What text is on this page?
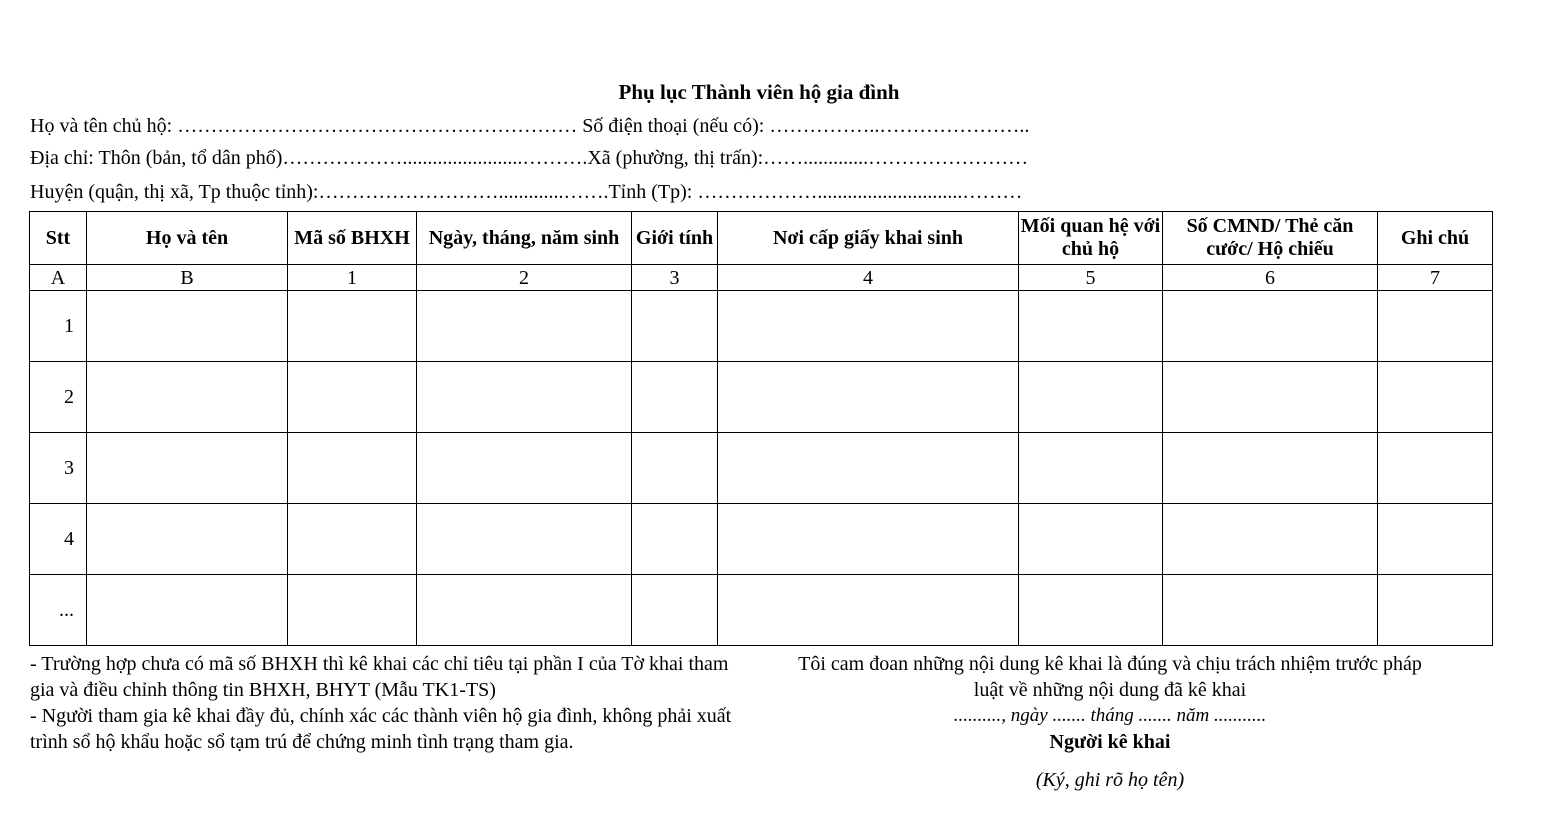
Phụ lục Thành viên hộ gia đình
Họ và tên chủ hộ: …………………………………………………… Số điện thoại (nếu có): ……………..…………………..
Địa chỉ: Thôn (bản, tổ dân phố)………………........................……….Xã (phường, thị trấn):…….............……………………
Huyện (quận, thị xã, Tp thuộc tỉnh):……………………….............…….Tỉnh (Tp): ……………….............................………
Stt	Họ và tên	Mã số BHXH	Ngày, tháng, năm sinh	Giới tính	Nơi cấp giấy khai sinh	Mối quan hệ với chủ hộ	Số CMND/ Thẻ căn cước/ Hộ chiếu	Ghi chú
A	B	1	2	3	4	5	6	7
1								
2								
3								
4								
...								

- Trường hợp chưa có mã số BHXH thì kê khai các chỉ tiêu tại phần I của Tờ khai tham gia và điều chỉnh thông tin BHXH, BHYT (Mẫu TK1-TS)

- Người tham gia kê khai đầy đủ, chính xác các thành viên hộ gia đình, không phải xuất trình sổ hộ khẩu hoặc sổ tạm trú để chứng minh tình trạng tham gia.

Tôi cam đoan những nội dung kê khai là đúng và chịu trách nhiệm trước pháp luật về những nội dung đã kê khai

.........., ngày ....... tháng ....... năm ...........

Người kê khai

(Ký, ghi rõ họ tên)
